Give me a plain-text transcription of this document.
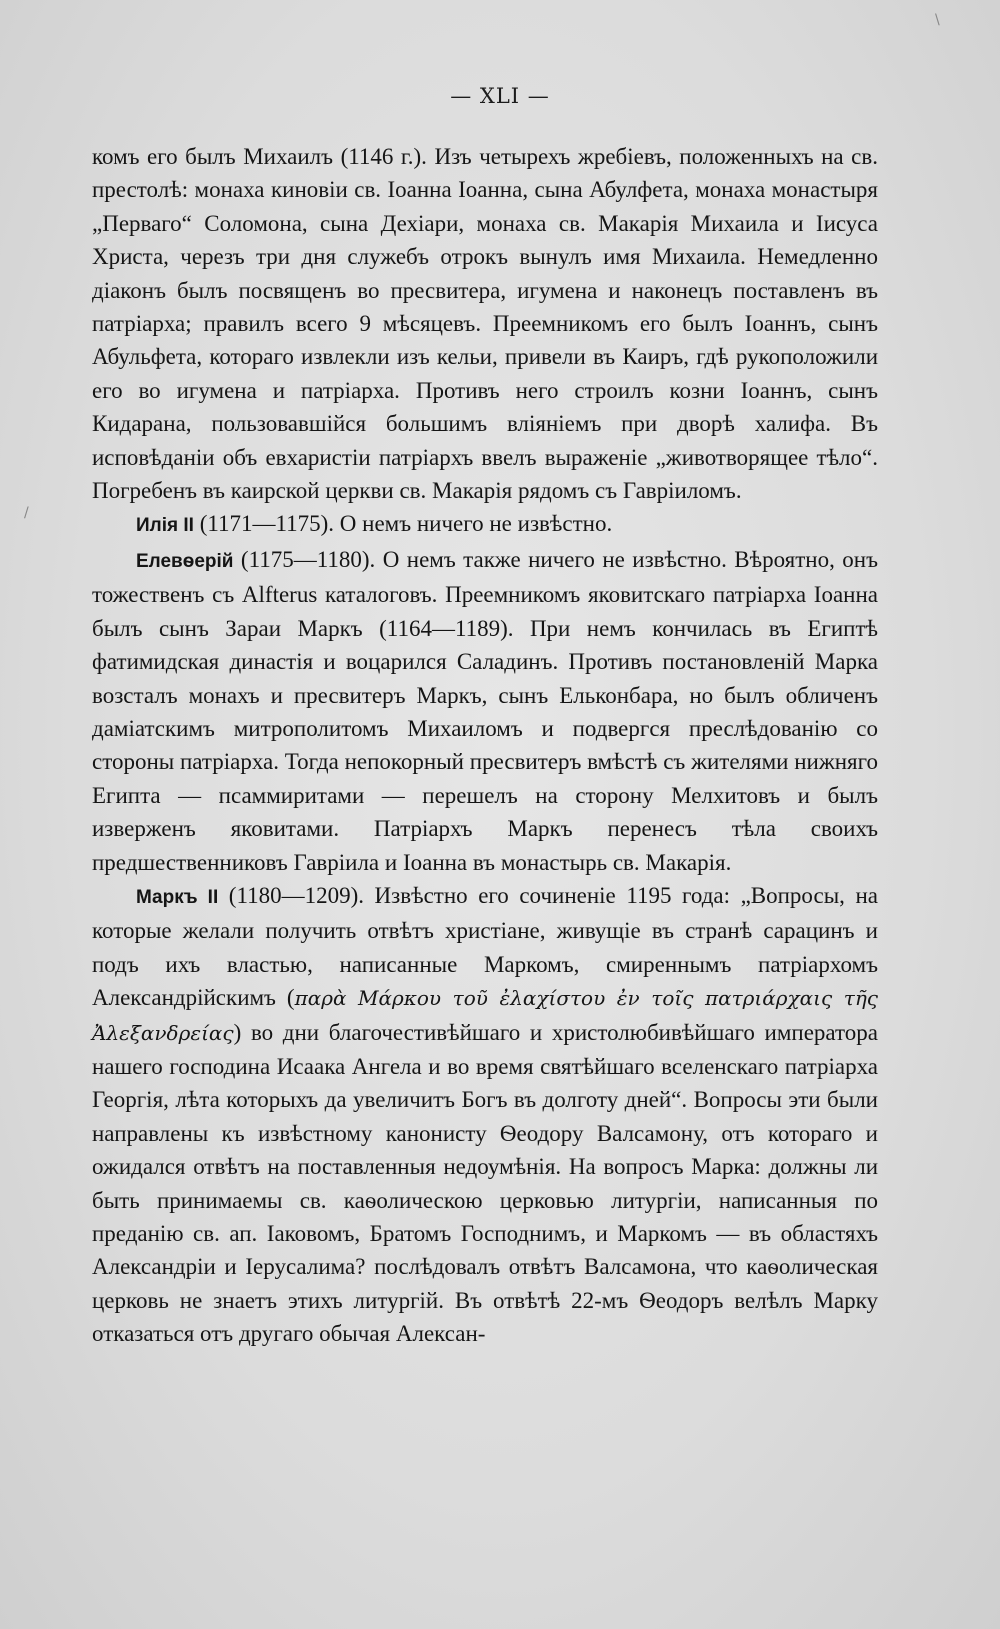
— XLI —

комъ его былъ Михаилъ (1146 г.). Изъ четырехъ жребіевъ, положенныхъ на св. престолѣ: монаха киновіи св. Іоанна Іоанна, сына Абулфета, монаха монастыря „Перваго“ Соломона, сына Дехіари, монаха св. Макарія Михаила и Іисуса Христа, черезъ три дня служебъ отрокъ вынулъ имя Михаила. Немедленно діаконъ былъ посвященъ во пресвитера, игумена и наконецъ поставленъ въ патріарха; правилъ всего 9 мѣсяцевъ. Преемникомъ его былъ Іоаннъ, сынъ Абульфета, котораго извлекли изъ кельи, привели въ Каиръ, гдѣ рукоположили его во игумена и патріарха. Противъ него строилъ козни Іоаннъ, сынъ Кидарана, пользовавшійся большимъ вліяніемъ при дворѣ халифа. Въ исповѣданіи объ евхаристіи патріархъ ввелъ выраженіе „животворящее тѣло“. Погребенъ въ каирской церкви св. Макарія рядомъ съ Гавріиломъ.

Илія II (1171—1175). О немъ ничего не извѣстно.

Елевѳерій (1175—1180). О немъ также ничего не извѣстно. Вѣроятно, онъ тожественъ съ Alfterus каталоговъ. Преемникомъ яковитскаго патріарха Іоанна былъ сынъ Зараи Маркъ (1164—1189). При немъ кончилась въ Египтѣ фатимидская династія и воцарился Саладинъ. Противъ постановленій Марка возсталъ монахъ и пресвитеръ Маркъ, сынъ Ельконбара, но былъ обличенъ даміатскимъ митрополитомъ Михаиломъ и подвергся преслѣдованію со стороны патріарха. Тогда непокорный пресвитеръ вмѣстѣ съ жителями нижняго Египта — псаммиритами — перешелъ на сторону Мелхитовъ и былъ изверженъ яковитами. Патріархъ Маркъ перенесъ тѣла своихъ предшественниковъ Гавріила и Іоанна въ монастырь св. Макарія.

Маркъ II (1180—1209). Извѣстно его сочиненіе 1195 года: „Вопросы, на которые желали получить отвѣтъ христіане, живущіе въ странѣ сарацинъ и подъ ихъ властью, написанные Маркомъ, смиреннымъ патріархомъ Александрійскимъ (παρὰ Μάρκου τοῦ ἐλαχίστου ἐν τοῖς πατριάρχαις τῆς Ἀλεξανδρείας) во дни благочестивѣйшаго и христолюбивѣйшаго императора нашего господина Исаака Ангела и во время святѣйшаго вселенскаго патріарха Георгія, лѣта которыхъ да увеличитъ Богъ въ долготу дней“. Вопросы эти были направлены къ извѣстному канонисту Ѳеодору Валсамону, отъ котораго и ожидался отвѣтъ на поставленныя недоумѣнія. На вопросъ Марка: должны ли быть принимаемы св. каѳолическою церковью литургіи, написанныя по преданію св. ап. Іаковомъ, Братомъ Господнимъ, и Маркомъ — въ областяхъ Александріи и Іерусалима? послѣдовалъ отвѣтъ Валсамона, что каѳолическая церковь не знаетъ этихъ литургій. Въ отвѣтѣ 22-мъ Ѳеодоръ велѣлъ Марку отказаться отъ другаго обычая Алексан-

\
/
